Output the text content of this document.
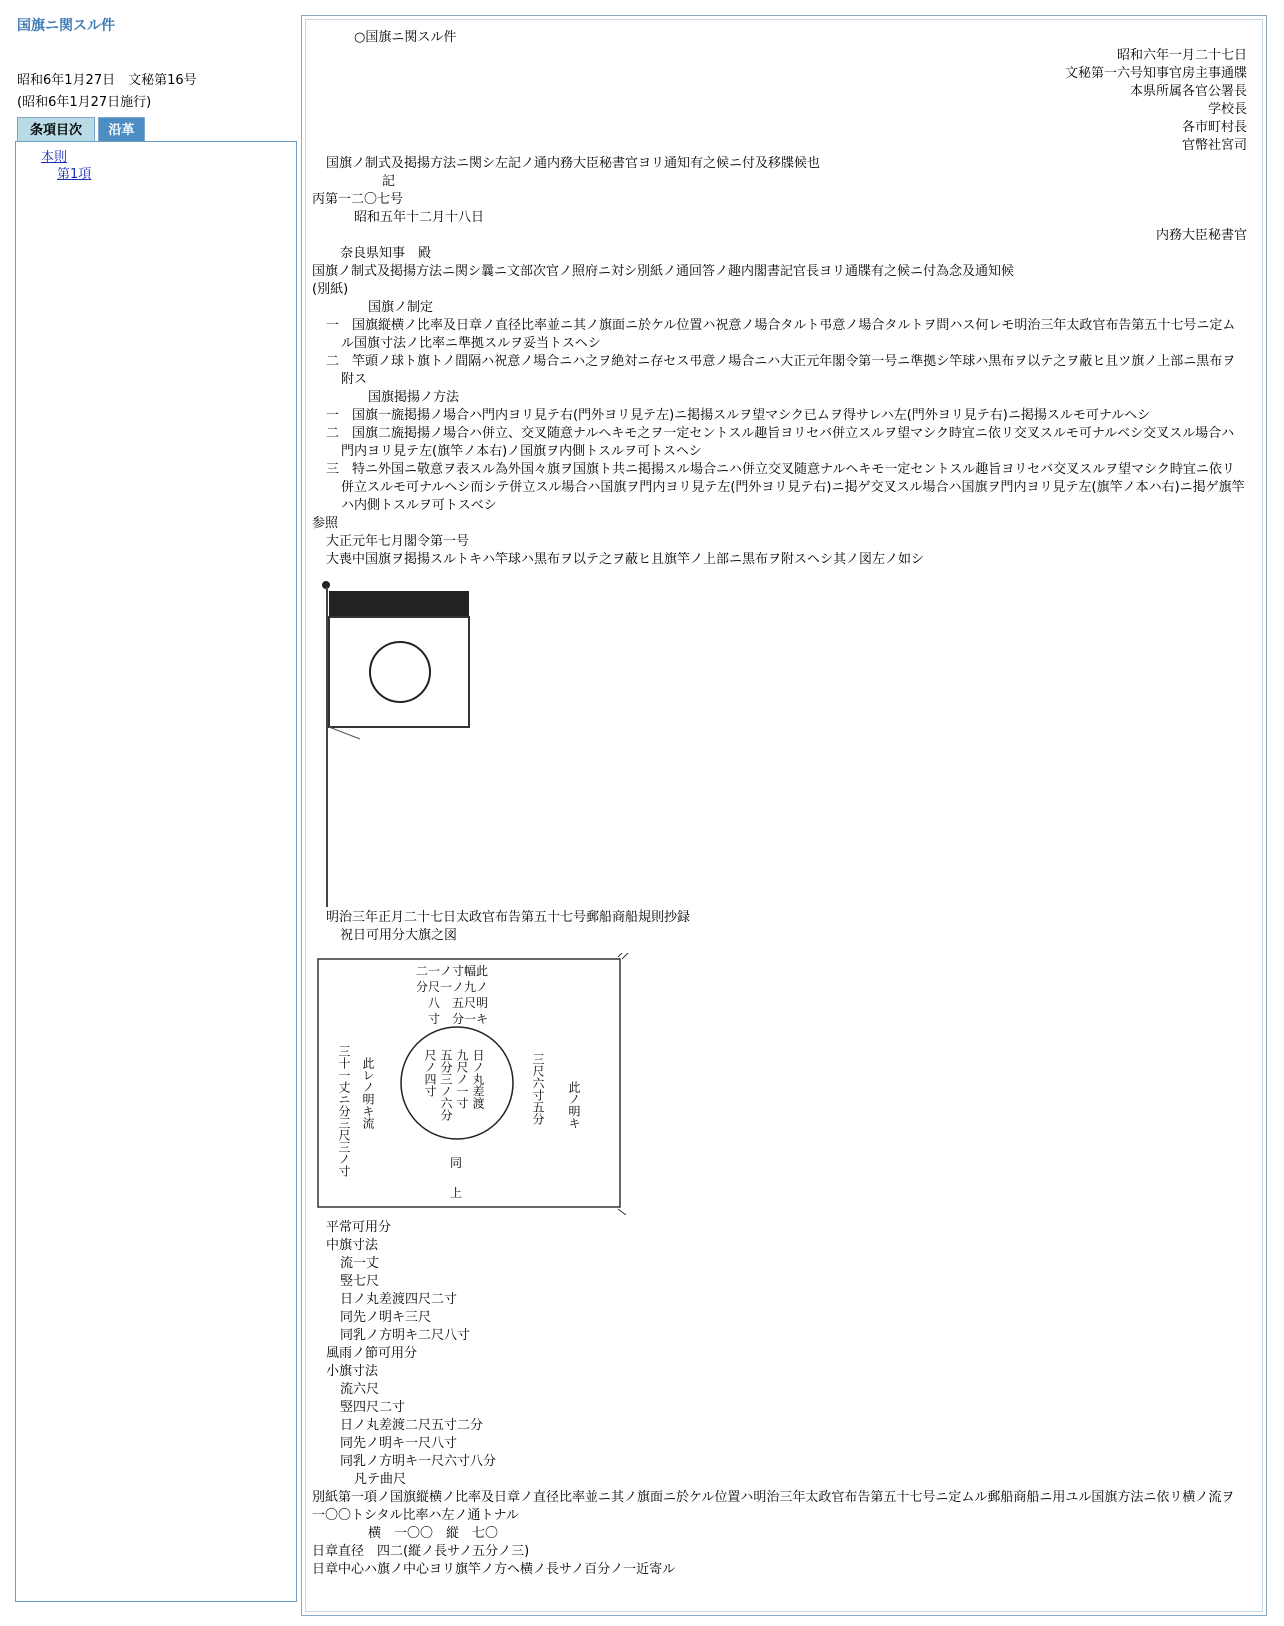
国旗ニ関スル件
昭和6年1月27日　文秘第16号
(昭和6年1月27日施行)
条項目次	沿革
本則
第1項
○国旗ニ関スル件
昭和六年一月二十七日
文秘第一六号知事官房主事通牒
本県所属各官公署長
学校長
各市町村長
官幣社宮司
国旗ノ制式及掲揚方法ニ関シ左記ノ通内務大臣秘書官ヨリ通知有之候ニ付及移牒候也
記
丙第一二〇七号
昭和五年十二月十八日
内務大臣秘書官
奈良県知事　殿
国旗ノ制式及掲揚方法ニ関シ曩ニ文部次官ノ照府ニ対シ別紙ノ通回答ノ趣内閣書記官長ヨリ通牒有之候ニ付為念及通知候
(別紙)
国旗ノ制定
一　国旗縦横ノ比率及日章ノ直径比率並ニ其ノ旗面ニ於ケル位置ハ祝意ノ場合タルト弔意ノ場合タルトヲ問ハス何レモ明治三年太政官布告第五十七号ニ定ムル国旗寸法ノ比率ニ準拠スルヲ妥当トスヘシ
二　竿頭ノ球ト旗トノ間隔ハ祝意ノ場合ニハ之ヲ絶対ニ存セス弔意ノ場合ニハ大正元年閣令第一号ニ準拠シ竿球ハ黒布ヲ以テ之ヲ蔽ヒ且ツ旗ノ上部ニ黒布ヲ附ス
国旗掲揚ノ方法
一　国旗一旒掲揚ノ場合ハ門内ヨリ見テ右(門外ヨリ見テ左)ニ掲揚スルヲ望マシク已ムヲ得サレハ左(門外ヨリ見テ右)ニ掲揚スルモ可ナルヘシ
二　国旗二旒掲揚ノ場合ハ併立、交叉随意ナルヘキモ之ヲ一定セントスル趣旨ヨリセバ併立スルヲ望マシク時宜ニ依リ交叉スルモ可ナルベシ交叉スル場合ハ門内ヨリ見テ左(旗竿ノ本右)ノ国旗ヲ内側トスルヲ可トスヘシ
三　特ニ外国ニ敬意ヲ表スル為外国々旗ヲ国旗ト共ニ掲揚スル場合ニハ併立交叉随意ナルヘキモ一定セントスル趣旨ヨリセバ交叉スルヲ望マシク時宜ニ依リ併立スルモ可ナルヘシ而シテ併立スル場合ハ国旗ヲ門内ヨリ見テ左(門外ヨリ見テ右)ニ掲ゲ交叉スル場合ハ国旗ヲ門内ヨリ見テ左(旗竿ノ本ハ右)ニ掲ゲ旗竿ハ内側トスルヲ可トスベシ
参照
大正元年七月閣令第一号
大喪中国旗ヲ掲揚スルトキハ竿球ハ黒布ヲ以テ之ヲ蔽ヒ且旗竿ノ上部ニ黒布ヲ附スヘシ其ノ図左ノ如シ
明治三年正月二十七日太政官布告第五十七号郵船商船規則抄録
祝日可用分大旗之図
二一ノ寸幅此
分尺一ノ九ノ
八　五尺明
寸　分一キ
日ノ丸差渡
九尺ノ一寸
五分三ノ六分
尺ノ四寸	三尺六寸五分 此ノ明キ
三十一丈ニ分三尺三ノ寸 此レノ明キ流
同
上
平常可用分
中旗寸法
流一丈
竪七尺
日ノ丸差渡四尺二寸
同先ノ明キ三尺
同乳ノ方明キ二尺八寸
風雨ノ節可用分
小旗寸法
流六尺
竪四尺二寸
日ノ丸差渡二尺五寸二分
同先ノ明キ一尺八寸
同乳ノ方明キ一尺六寸八分
凡テ曲尺
別紙第一項ノ国旗縦横ノ比率及日章ノ直径比率並ニ其ノ旗面ニ於ケル位置ハ明治三年太政官布告第五十七号ニ定ムル郵船商船ニ用ユル国旗方法ニ依リ横ノ流ヲ一〇〇トシタル比率ハ左ノ通トナル
横　一〇〇　縦　七〇
日章直径　四二(縦ノ長サノ五分ノ三)
日章中心ハ旗ノ中心ヨリ旗竿ノ方ヘ横ノ長サノ百分ノ一近寄ル
